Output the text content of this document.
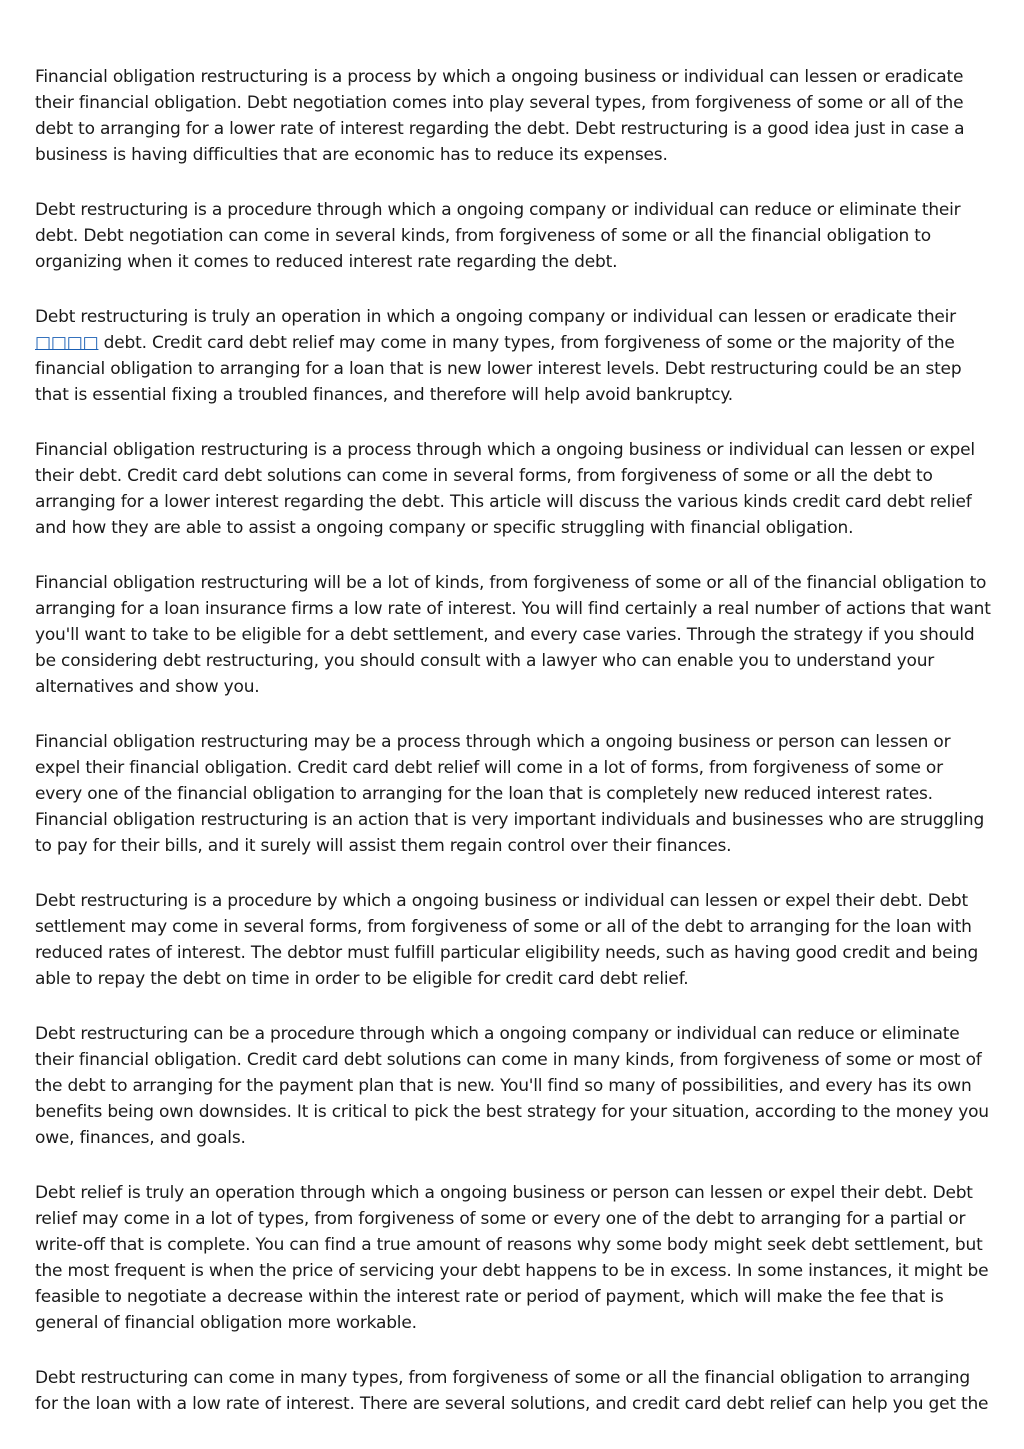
Financial obligation restructuring is a process by which a ongoing business or individual can lessen or eradicate their financial obligation. Debt negotiation comes into play several types, from forgiveness of some or all of the debt to arranging for a lower rate of interest regarding the debt. Debt restructuring is a good idea just in case a business is having difficulties that are economic has to reduce its expenses.

Debt restructuring is a procedure through which a ongoing company or individual can reduce or eliminate their debt. Debt negotiation can come in several kinds, from forgiveness of some or all the financial obligation to organizing when it comes to reduced interest rate regarding the debt.

Debt restructuring is truly an operation in which a ongoing company or individual can lessen or eradicate their □□□□ debt. Credit card debt relief may come in many types, from forgiveness of some or the majority of the financial obligation to arranging for a loan that is new lower interest levels. Debt restructuring could be an step that is essential fixing a troubled finances, and therefore will help avoid bankruptcy.

Financial obligation restructuring is a process through which a ongoing business or individual can lessen or expel their debt. Credit card debt solutions can come in several forms, from forgiveness of some or all the debt to arranging for a lower interest regarding the debt. This article will discuss the various kinds credit card debt relief and how they are able to assist a ongoing company or specific struggling with financial obligation.

Financial obligation restructuring will be a lot of kinds, from forgiveness of some or all of the financial obligation to arranging for a loan insurance firms a low rate of interest. You will find certainly a real number of actions that want you'll want to take to be eligible for a debt settlement, and every case varies. Through the strategy if you should be considering debt restructuring, you should consult with a lawyer who can enable you to understand your alternatives and show you.

Financial obligation restructuring may be a process through which a ongoing business or person can lessen or expel their financial obligation. Credit card debt relief will come in a lot of forms, from forgiveness of some or every one of the financial obligation to arranging for the loan that is completely new reduced interest rates. Financial obligation restructuring is an action that is very important individuals and businesses who are struggling to pay for their bills, and it surely will assist them regain control over their finances.

Debt restructuring is a procedure by which a ongoing business or individual can lessen or expel their debt. Debt settlement may come in several forms, from forgiveness of some or all of the debt to arranging for the loan with reduced rates of interest. The debtor must fulfill particular eligibility needs, such as having good credit and being able to repay the debt on time in order to be eligible for credit card debt relief.

Debt restructuring can be a procedure through which a ongoing company or individual can reduce or eliminate their financial obligation. Credit card debt solutions can come in many kinds, from forgiveness of some or most of the debt to arranging for the payment plan that is new. You'll find so many of possibilities, and every has its own benefits being own downsides. It is critical to pick the best strategy for your situation, according to the money you owe, finances, and goals.

Debt relief is truly an operation through which a ongoing business or person can lessen or expel their debt. Debt relief may come in a lot of types, from forgiveness of some or every one of the debt to arranging for a partial or write-off that is complete. You can find a true amount of reasons why some body might seek debt settlement, but the most frequent is when the price of servicing your debt happens to be in excess. In some instances, it might be feasible to negotiate a decrease within the interest rate or period of payment, which will make the fee that is general of financial obligation more workable.

Debt restructuring can come in many types, from forgiveness of some or all the financial obligation to arranging for the loan with a low rate of interest. There are several solutions, and credit card debt relief can help you get the
